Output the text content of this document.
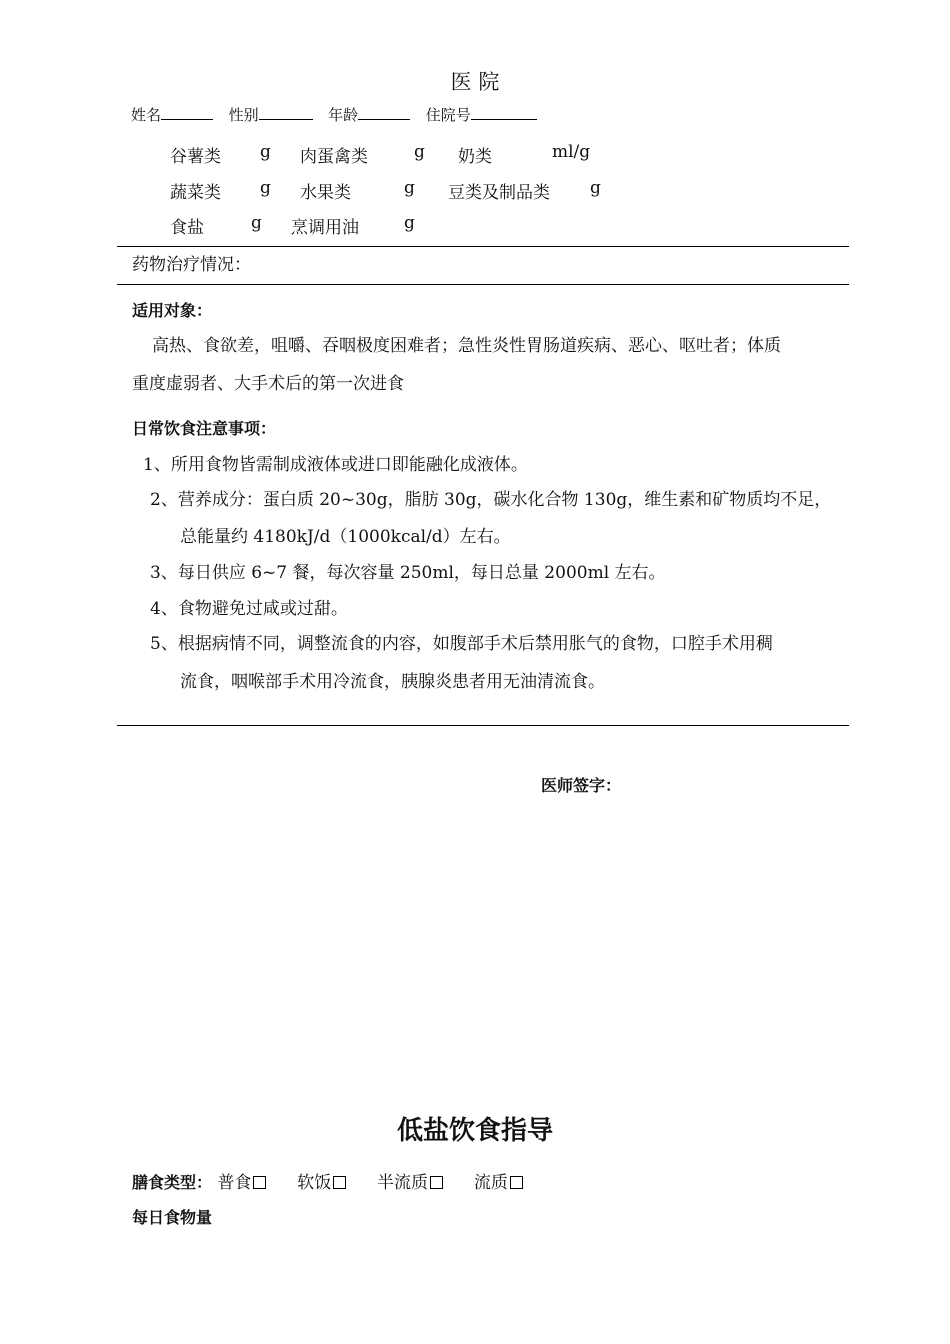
医 院
姓名	性别	年龄	住院号
谷薯类 g 肉蛋禽类	g 奶类	ml/g
蔬菜类 g 水果类	g 豆类及制品类 g
食盐	g 烹调用油	g
药物治疗情况：
适用对象：
高热、食欲差，咀嚼、吞咽极度困难者；急性炎性胃肠道疾病、恶心、呕吐者；体质
重度虚弱者、大手术后的第一次进食
日常饮食注意事项：
1、所用食物皆需制成液体或进口即能融化成液体。
2、营养成分：蛋白质 20~30g，脂肪 30g，碳水化合物 130g，维生素和矿物质均不足，
总能量约 4180kJ/d（1000kcal/d）左右。
3、每日供应 6~7 餐，每次容量 250ml，每日总量 2000ml 左右。
4、食物避免过咸或过甜。
5、根据病情不同，调整流食的内容，如腹部手术后禁用胀气的食物，口腔手术用稠
流食，咽喉部手术用冷流食，胰腺炎患者用无油清流食。
医师签字：
低盐饮食指导
膳食类型： 普食	软饭	半流质	流质
每日食物量
